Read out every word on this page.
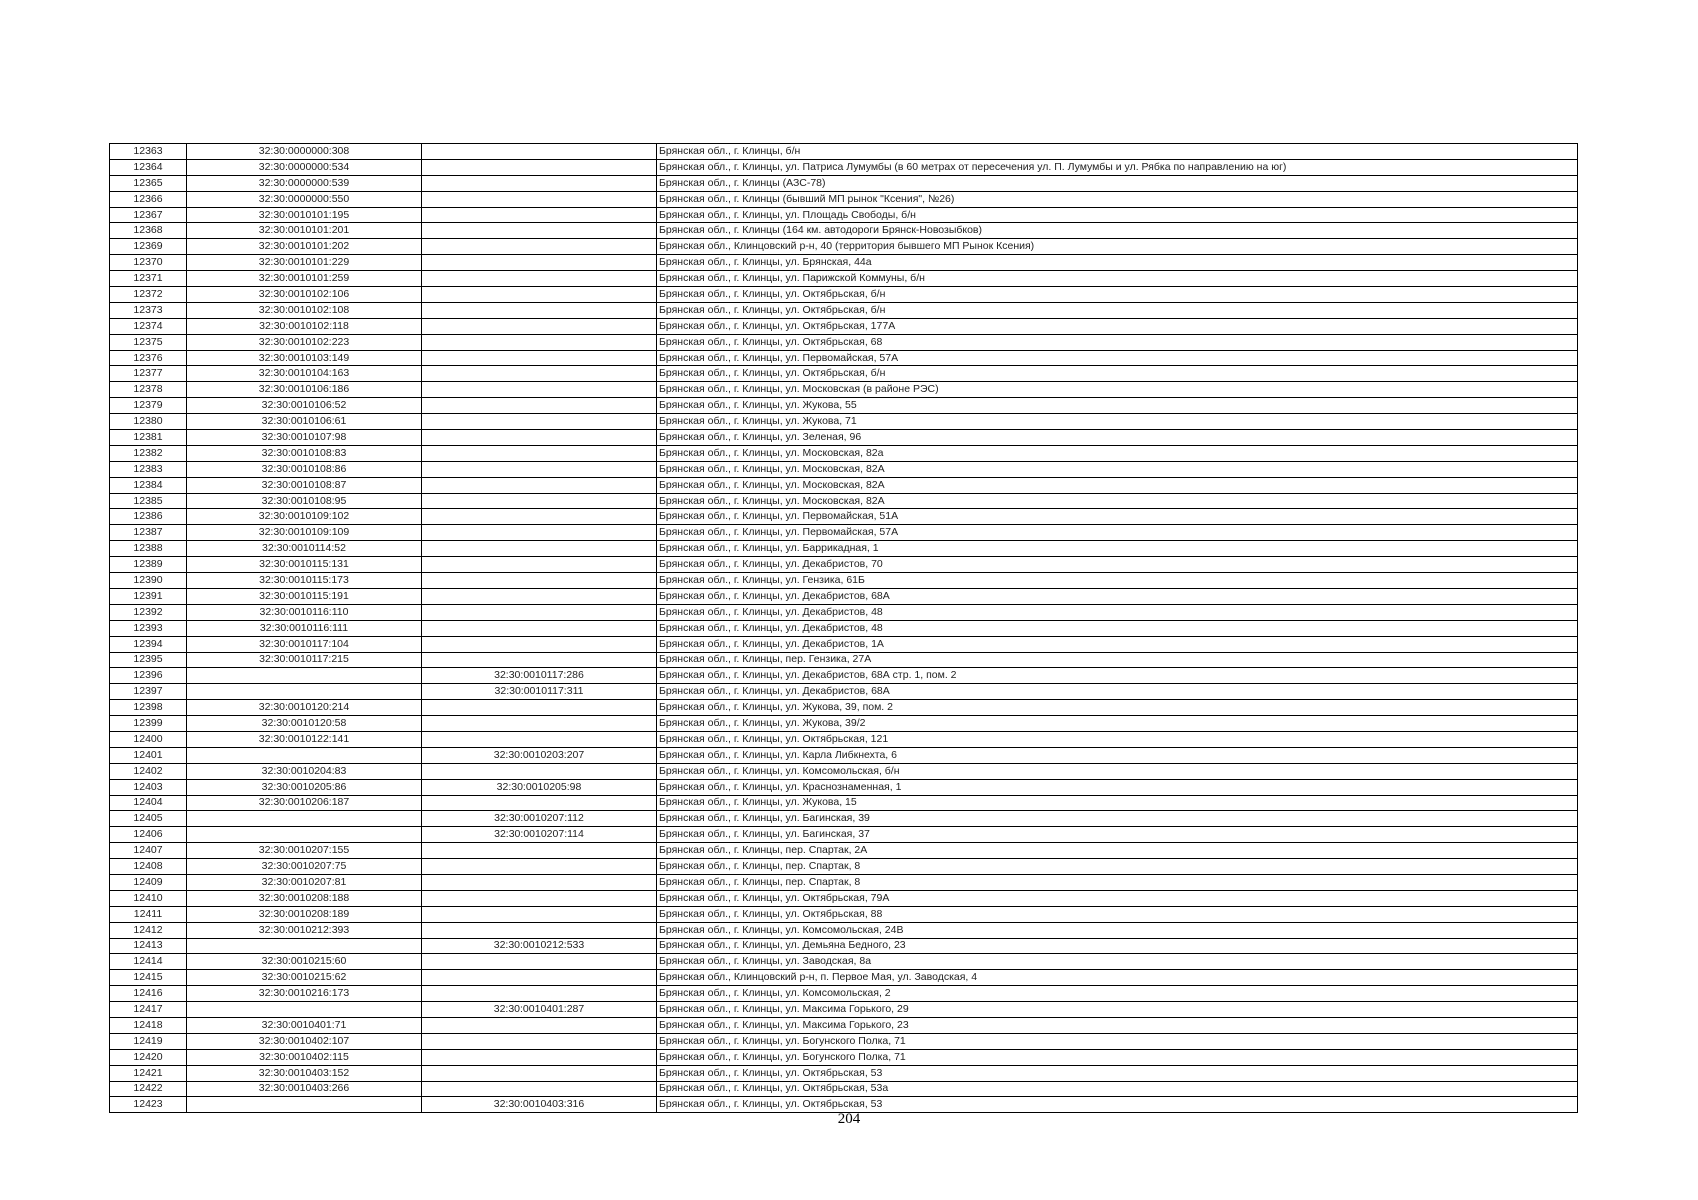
12363	32:30:0000000:308		Брянская обл., г. Клинцы, б/н
12364	32:30:0000000:534		Брянская обл., г. Клинцы, ул. Патриса Лумумбы (в 60 метрах от пересечения ул. П. Лумумбы и ул. Рябка по направлению на юг)
12365	32:30:0000000:539		Брянская обл., г. Клинцы (АЗС-78)
12366	32:30:0000000:550		Брянская обл., г. Клинцы (бывший МП рынок "Ксения", №26)
12367	32:30:0010101:195		Брянская обл., г. Клинцы, ул. Площадь Свободы, б/н
12368	32:30:0010101:201		Брянская обл., г. Клинцы (164 км. автодороги Брянск-Новозыбков)
12369	32:30:0010101:202		Брянская обл., Клинцовский р-н, 40 (территория бывшего МП Рынок Ксения)
12370	32:30:0010101:229		Брянская обл., г. Клинцы, ул. Брянская, 44а
12371	32:30:0010101:259		Брянская обл., г. Клинцы, ул. Парижской Коммуны, б/н
12372	32:30:0010102:106		Брянская обл., г. Клинцы, ул. Октябрьская, б/н
12373	32:30:0010102:108		Брянская обл., г. Клинцы, ул. Октябрьская, б/н
12374	32:30:0010102:118		Брянская обл., г. Клинцы, ул. Октябрьская, 177А
12375	32:30:0010102:223		Брянская обл., г. Клинцы, ул. Октябрьская, 68
12376	32:30:0010103:149		Брянская обл., г. Клинцы, ул. Первомайская, 57А
12377	32:30:0010104:163		Брянская обл., г. Клинцы, ул. Октябрьская, б/н
12378	32:30:0010106:186		Брянская обл., г. Клинцы, ул. Московская (в районе РЭС)
12379	32:30:0010106:52		Брянская обл., г. Клинцы, ул. Жукова, 55
12380	32:30:0010106:61		Брянская обл., г. Клинцы, ул. Жукова, 71
12381	32:30:0010107:98		Брянская обл., г. Клинцы, ул. Зеленая, 96
12382	32:30:0010108:83		Брянская обл., г. Клинцы, ул. Московская, 82а
12383	32:30:0010108:86		Брянская обл., г. Клинцы, ул. Московская, 82А
12384	32:30:0010108:87		Брянская обл., г. Клинцы, ул. Московская, 82А
12385	32:30:0010108:95		Брянская обл., г. Клинцы, ул. Московская, 82А
12386	32:30:0010109:102		Брянская обл., г. Клинцы, ул. Первомайская, 51А
12387	32:30:0010109:109		Брянская обл., г. Клинцы, ул. Первомайская, 57А
12388	32:30:0010114:52		Брянская обл., г. Клинцы, ул. Баррикадная, 1
12389	32:30:0010115:131		Брянская обл., г. Клинцы, ул. Декабристов, 70
12390	32:30:0010115:173		Брянская обл., г. Клинцы, ул. Гензика, 61Б
12391	32:30:0010115:191		Брянская обл., г. Клинцы, ул. Декабристов, 68А
12392	32:30:0010116:110		Брянская обл., г. Клинцы, ул. Декабристов, 48
12393	32:30:0010116:111		Брянская обл., г. Клинцы, ул. Декабристов, 48
12394	32:30:0010117:104		Брянская обл., г. Клинцы, ул. Декабристов, 1А
12395	32:30:0010117:215		Брянская обл., г. Клинцы, пер. Гензика, 27А
12396		32:30:0010117:286	Брянская обл., г. Клинцы, ул. Декабристов, 68А стр. 1, пом. 2
12397		32:30:0010117:311	Брянская обл., г. Клинцы, ул. Декабристов, 68А
12398	32:30:0010120:214		Брянская обл., г. Клинцы, ул. Жукова, 39, пом. 2
12399	32:30:0010120:58		Брянская обл., г. Клинцы, ул. Жукова, 39/2
12400	32:30:0010122:141		Брянская обл., г. Клинцы, ул. Октябрьская, 121
12401		32:30:0010203:207	Брянская обл., г. Клинцы, ул. Карла Либкнехта, 6
12402	32:30:0010204:83		Брянская обл., г. Клинцы, ул. Комсомольская, б/н
12403	32:30:0010205:86	32:30:0010205:98	Брянская обл., г. Клинцы, ул. Краснознаменная, 1
12404	32:30:0010206:187		Брянская обл., г. Клинцы, ул. Жукова, 15
12405		32:30:0010207:112	Брянская обл., г. Клинцы, ул. Багинская, 39
12406		32:30:0010207:114	Брянская обл., г. Клинцы, ул. Багинская, 37
12407	32:30:0010207:155		Брянская обл., г. Клинцы, пер. Спартак, 2А
12408	32:30:0010207:75		Брянская обл., г. Клинцы, пер. Спартак, 8
12409	32:30:0010207:81		Брянская обл., г. Клинцы, пер. Спартак, 8
12410	32:30:0010208:188		Брянская обл., г. Клинцы, ул. Октябрьская, 79А
12411	32:30:0010208:189		Брянская обл., г. Клинцы, ул. Октябрьская, 88
12412	32:30:0010212:393		Брянская обл., г. Клинцы, ул. Комсомольская, 24В
12413		32:30:0010212:533	Брянская обл., г. Клинцы, ул. Демьяна Бедного, 23
12414	32:30:0010215:60		Брянская обл., г. Клинцы, ул. Заводская, 8а
12415	32:30:0010215:62		Брянская обл., Клинцовский р-н, п. Первое Мая, ул. Заводская, 4
12416	32:30:0010216:173		Брянская обл., г. Клинцы, ул. Комсомольская, 2
12417		32:30:0010401:287	Брянская обл., г. Клинцы, ул. Максима Горького, 29
12418	32:30:0010401:71		Брянская обл., г. Клинцы, ул. Максима Горького, 23
12419	32:30:0010402:107		Брянская обл., г. Клинцы, ул. Богунского Полка, 71
12420	32:30:0010402:115		Брянская обл., г. Клинцы, ул. Богунского Полка, 71
12421	32:30:0010403:152		Брянская обл., г. Клинцы, ул. Октябрьская, 53
12422	32:30:0010403:266		Брянская обл., г. Клинцы, ул. Октябрьская, 53а
12423		32:30:0010403:316	Брянская обл., г. Клинцы, ул. Октябрьская, 53
204
